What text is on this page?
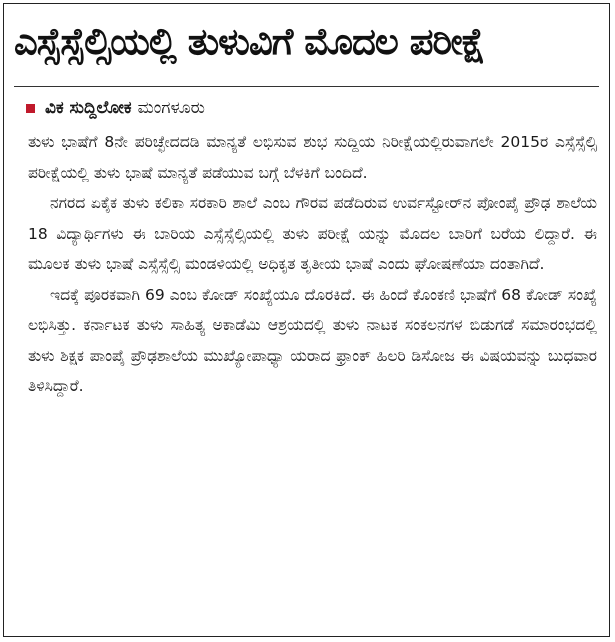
ಎಸ್ಸೆಸ್ಸೆಲ್ಸಿಯಲ್ಲಿ ತುಳುವಿಗೆ ಮೊದಲ ಪರೀಕ್ಷೆ
ವಿಕ ಸುದ್ದಿಲೋಕ ಮಂಗಳೂರು

ತುಳು ಭಾಷೆಗೆ 8ನೇ ಪರಿಚ್ಛೇದದಡಿ ಮಾನ್ಯತೆ ಲಭಿಸುವ ಶುಭ ಸುದ್ದಿಯ ನಿರೀಕ್ಷೆಯಲ್ಲಿರುವಾಗಲೇ 2015ರ ಎಸ್ಸೆಸ್ಸೆಲ್ಸಿ ಪರೀಕ್ಷೆಯಲ್ಲಿ ತುಳು ಭಾಷೆ ಮಾನ್ಯತೆ ಪಡೆಯುವ ಬಗ್ಗೆ ಬೆಳಕಿಗೆ ಬಂದಿದೆ.

ನಗರದ ಏಕೈಕ ತುಳು ಕಲಿಕಾ ಸರಕಾರಿ ಶಾಲೆ ಎಂಬ ಗೌರವ ಪಡೆದಿರುವ ಉರ್ವಸ್ಟೋರ್‌ನ ಪೋಂಪೈ ಪ್ರೌಢ ಶಾಲೆಯ 18 ವಿದ್ಯಾರ್ಥಿಗಳು ಈ ಬಾರಿಯ ಎಸ್ಸೆಸ್ಸೆಲ್ಸಿಯಲ್ಲಿ ತುಳು ಪರೀಕ್ಷೆ ಯನ್ನು ಮೊದಲ ಬಾರಿಗೆ ಬರೆಯ ಲಿದ್ದಾರೆ. ಈ ಮೂಲಕ ತುಳು ಭಾಷೆ ಎಸ್ಸೆಸ್ಸೆಲ್ಸಿ ಮಂಡಳಿಯಲ್ಲಿ ಅಧಿಕೃತ ತೃತೀಯ ಭಾಷೆ ಎಂದು ಘೋಷಣೆಯಾ ದಂತಾಗಿದೆ.

ಇದಕ್ಕೆ ಪೂರಕವಾಗಿ 69 ಎಂಬ ಕೋಡ್ ಸಂಖ್ಯೆಯೂ ದೊರಕಿದೆ. ಈ ಹಿಂದೆ ಕೊಂಕಣಿ ಭಾಷೆಗೆ 68 ಕೋಡ್ ಸಂಖ್ಯೆ ಲಭಿಸಿತ್ತು. ಕರ್ನಾಟಕ ತುಳು ಸಾಹಿತ್ಯ ಅಕಾಡೆಮಿ ಆಶ್ರಯದಲ್ಲಿ ತುಳು ನಾಟಕ ಸಂಕಲನಗಳ ಬಿಡುಗಡೆ ಸಮಾರಂಭದಲ್ಲಿ ತುಳು ಶಿಕ್ಷಕ ಪಾಂಪೈ ಪ್ರೌಢಶಾಲೆಯ ಮುಖ್ಯೋಪಾಧ್ಯಾ ಯರಾದ ಫ್ರಾಂಕ್ ಹಿಲರಿ ಡಿಸೋಜ ಈ ವಿಷಯವನ್ನು ಬುಧವಾರ ತಿಳಿಸಿದ್ದಾರೆ.
